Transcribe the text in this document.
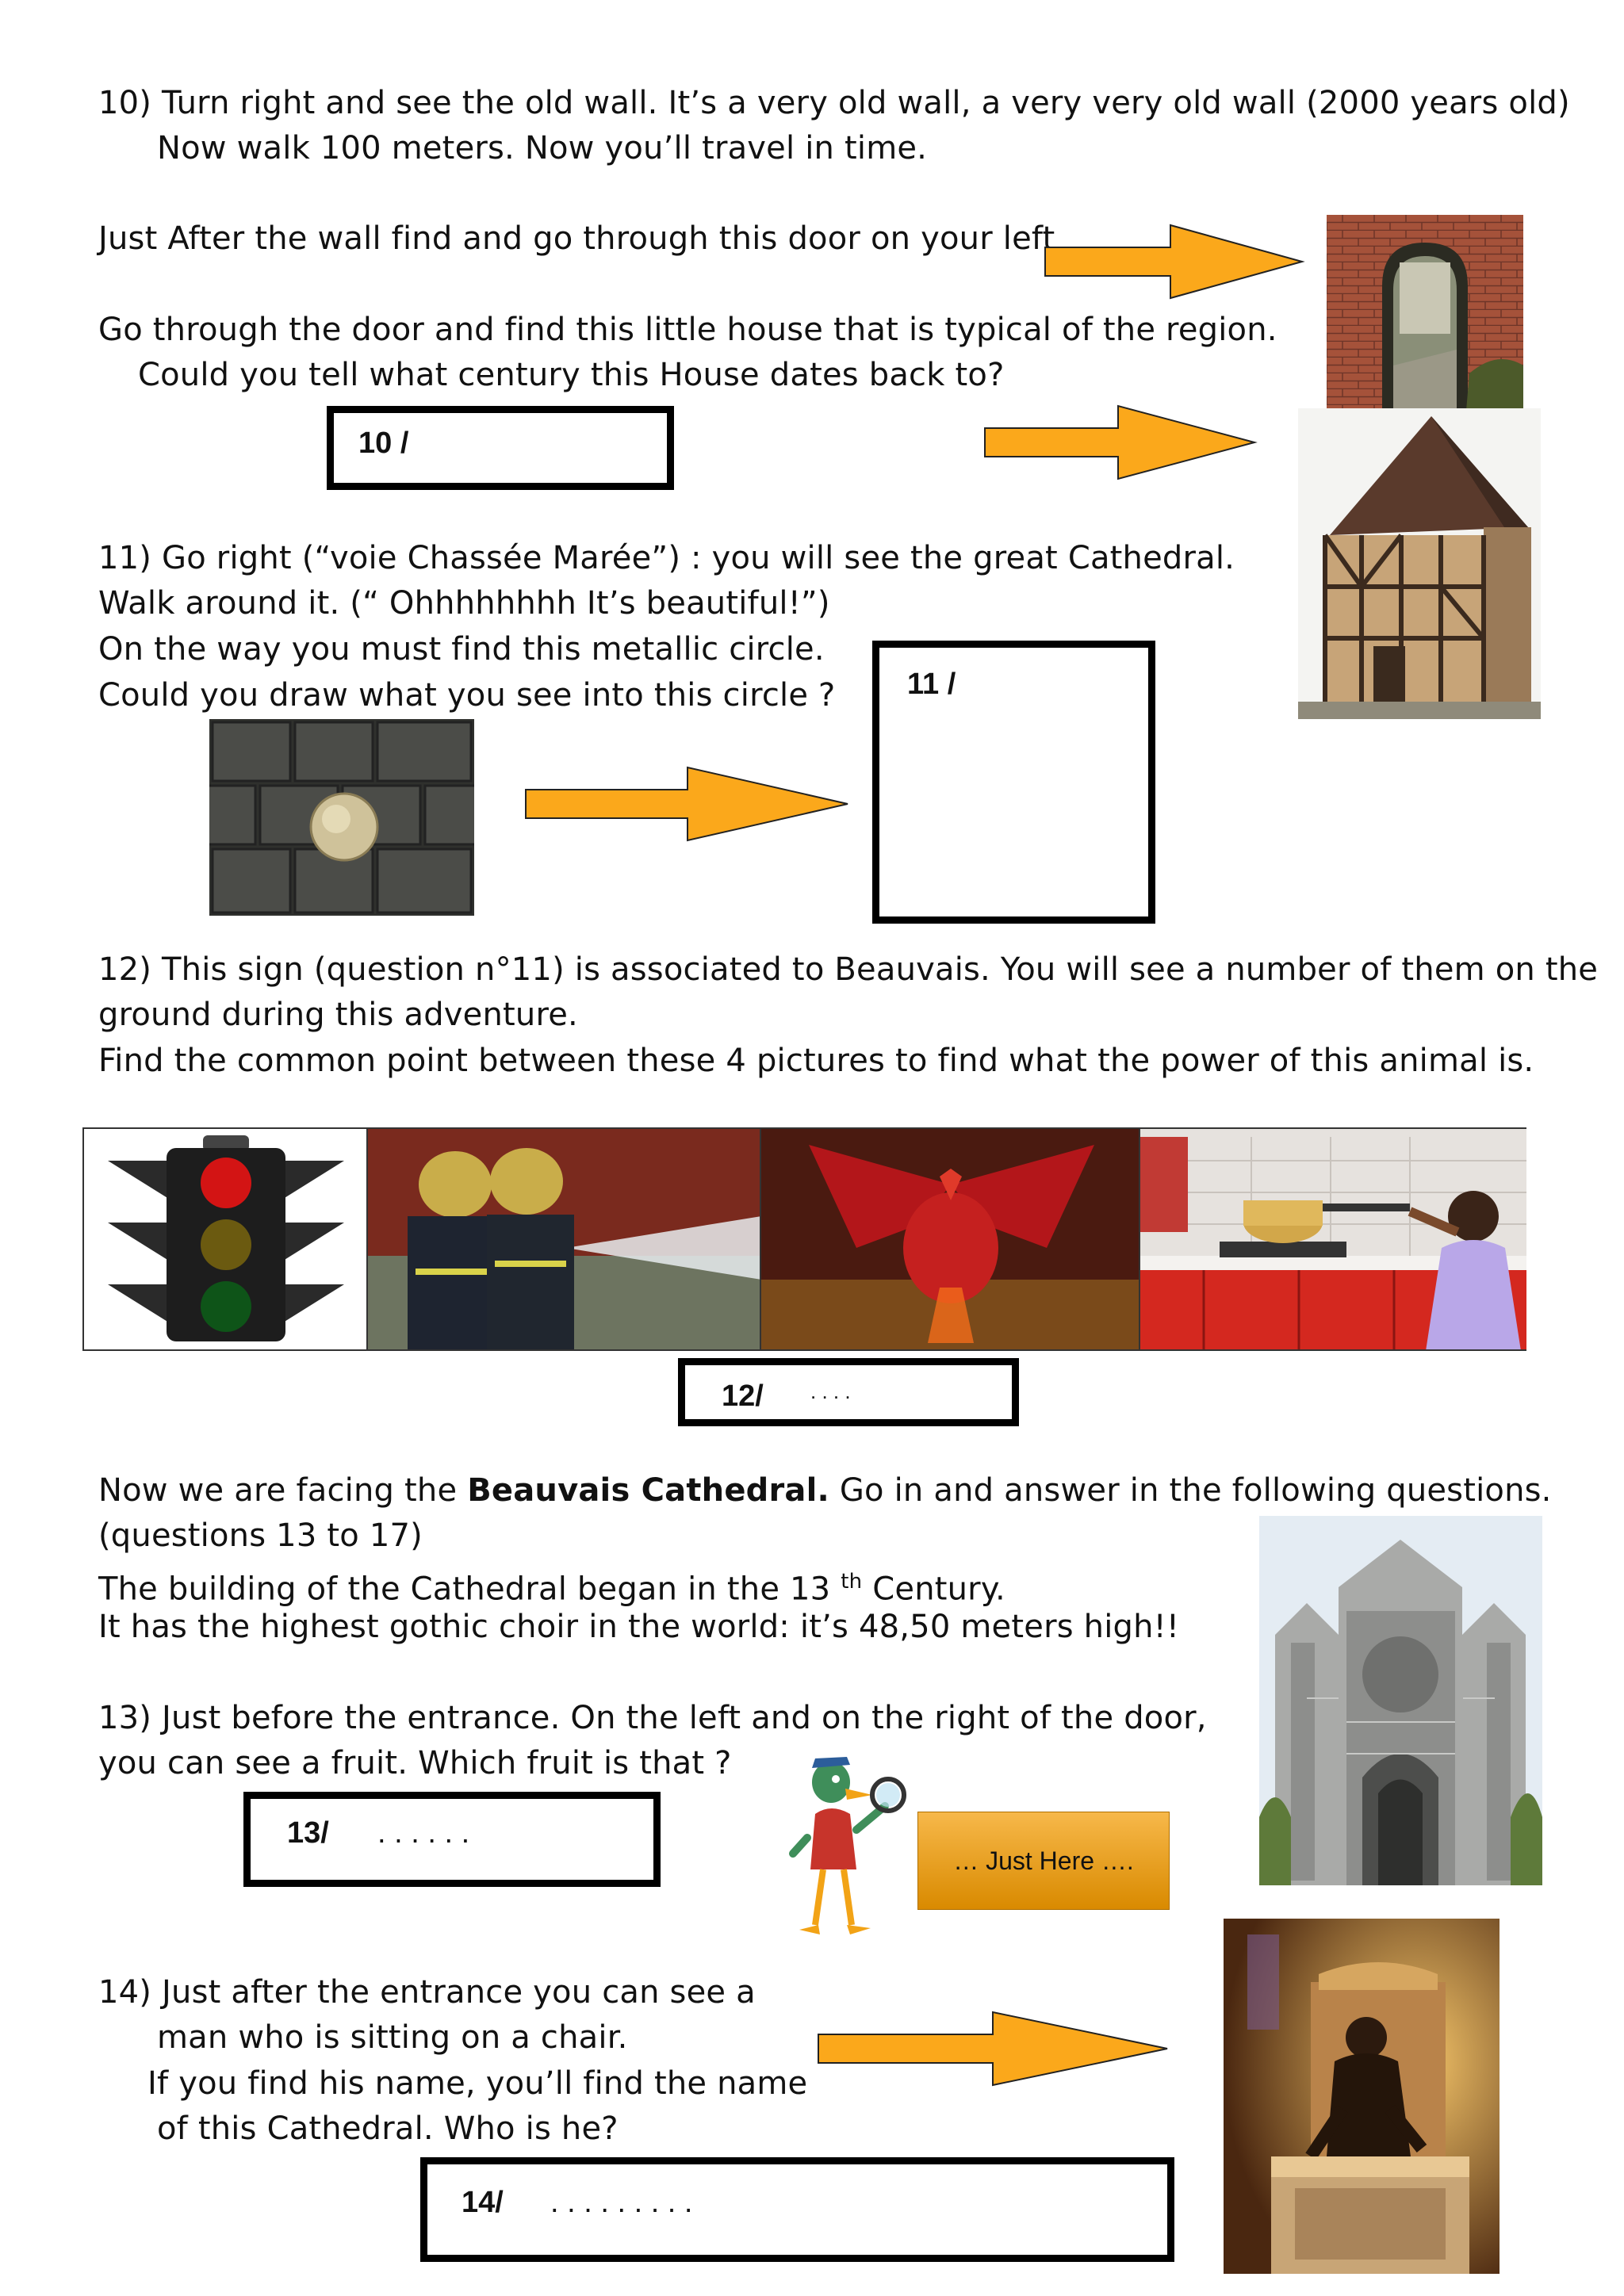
10) Turn right and see the old wall. It’s a very old wall, a very very old wall (2000 years old)
Now walk 100 meters. Now you’ll travel in time.
Just After the wall find and go through this door on your left
Go through the door and find this little house that is typical of the region.
Could you tell what century this House dates back to?
10 /
11) Go right (“voie Chassée Marée”) : you will see the great Cathedral.
Walk around it. (“ Ohhhhhhhh It’s beautiful!”)
On the way you must find this metallic circle.
Could you draw what you see into this circle ? 11 /
12) This sign (question n°11) is associated to Beauvais. You will see a number of them on the
ground during this adventure.
Find the common point between these 4 pictures to find what the power of this animal is.
12/ . . . .
Now we are facing the Beauvais Cathedral. Go in and answer in the following questions.
(questions 13 to 17)
The building of the Cathedral began in the 13 $^{th}$ Century.
It has the highest gothic choir in the world: it’s 48,50 meters high!!
13) Just before the entrance. On the left and on the right of the door,
you can see a fruit. Which fruit is that ?
13/ . . . . . .
… Just Here ….
14) Just after the entrance you can see a
man who is sitting on a chair.
If you find his name, you’ll find the name
of this Cathedral. Who is he?
14/ . . . . . . . . .
